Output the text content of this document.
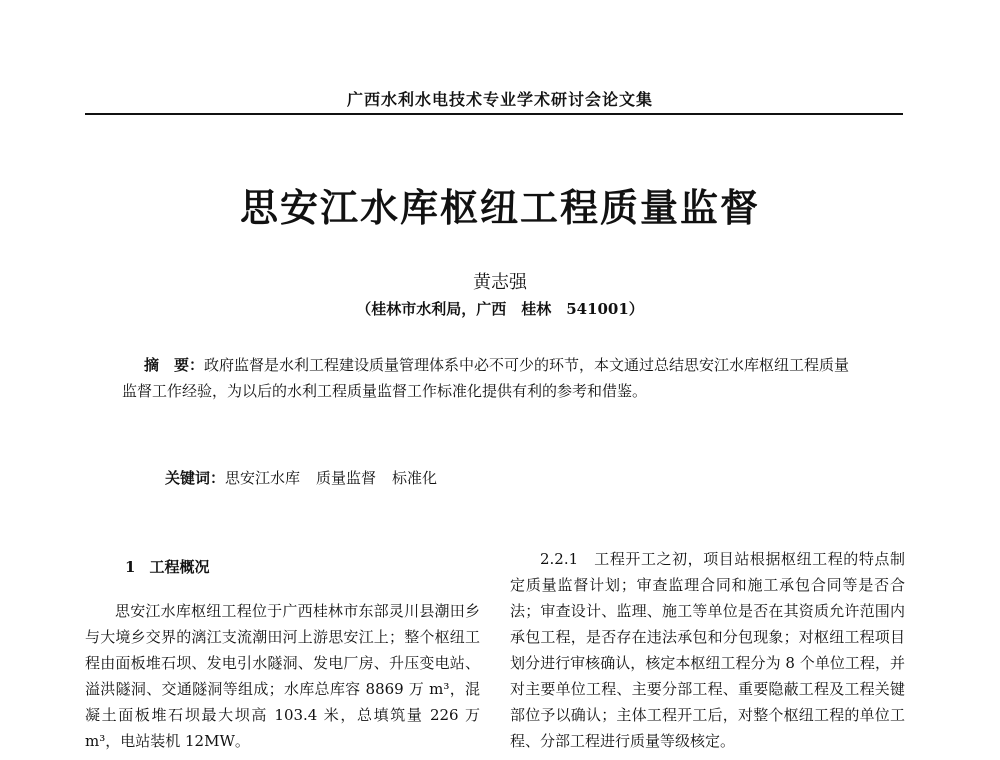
广西水利水电技术专业学术研讨会论文集
思安江水库枢纽工程质量监督
黄志强
（桂林市水利局，广西　桂林　541001）
摘　要：政府监督是水利工程建设质量管理体系中必不可少的环节，本文通过总结思安江水库枢纽工程质量监督工作经验，为以后的水利工程质量监督工作标准化提供有利的参考和借鉴。
关键词：思安江水库 质量监督 标准化
1 工程概况

思安江水库枢纽工程位于广西桂林市东部灵川县潮田乡与大境乡交界的漓江支流潮田河上游思安江上；整个枢纽工程由面板堆石坝、发电引水隧洞、发电厂房、升压变电站、溢洪隧洞、交通隧洞等组成；水库总库容 8869 万 m³，混凝土面板堆石坝最大坝高 103.4 米，总填筑量 226 万 m³，电站装机 12MW。

2.2.1　 工程开工之初，项目站根据枢纽工程的特点制定质量监督计划；审查监理合同和施工承包合同等是否合法；审查设计、监理、施工等单位是否在其资质允许范围内承包工程，是否存在违法承包和分包现象；对枢纽工程项目划分进行审核确认，核定本枢纽工程分为 8 个单位工程，并对主要单位工程、主要分部工程、重要隐蔽工程及工程关键部位予以确认；主体工程开工后，对整个枢纽工程的单位工程、分部工程进行质量等级核定。
